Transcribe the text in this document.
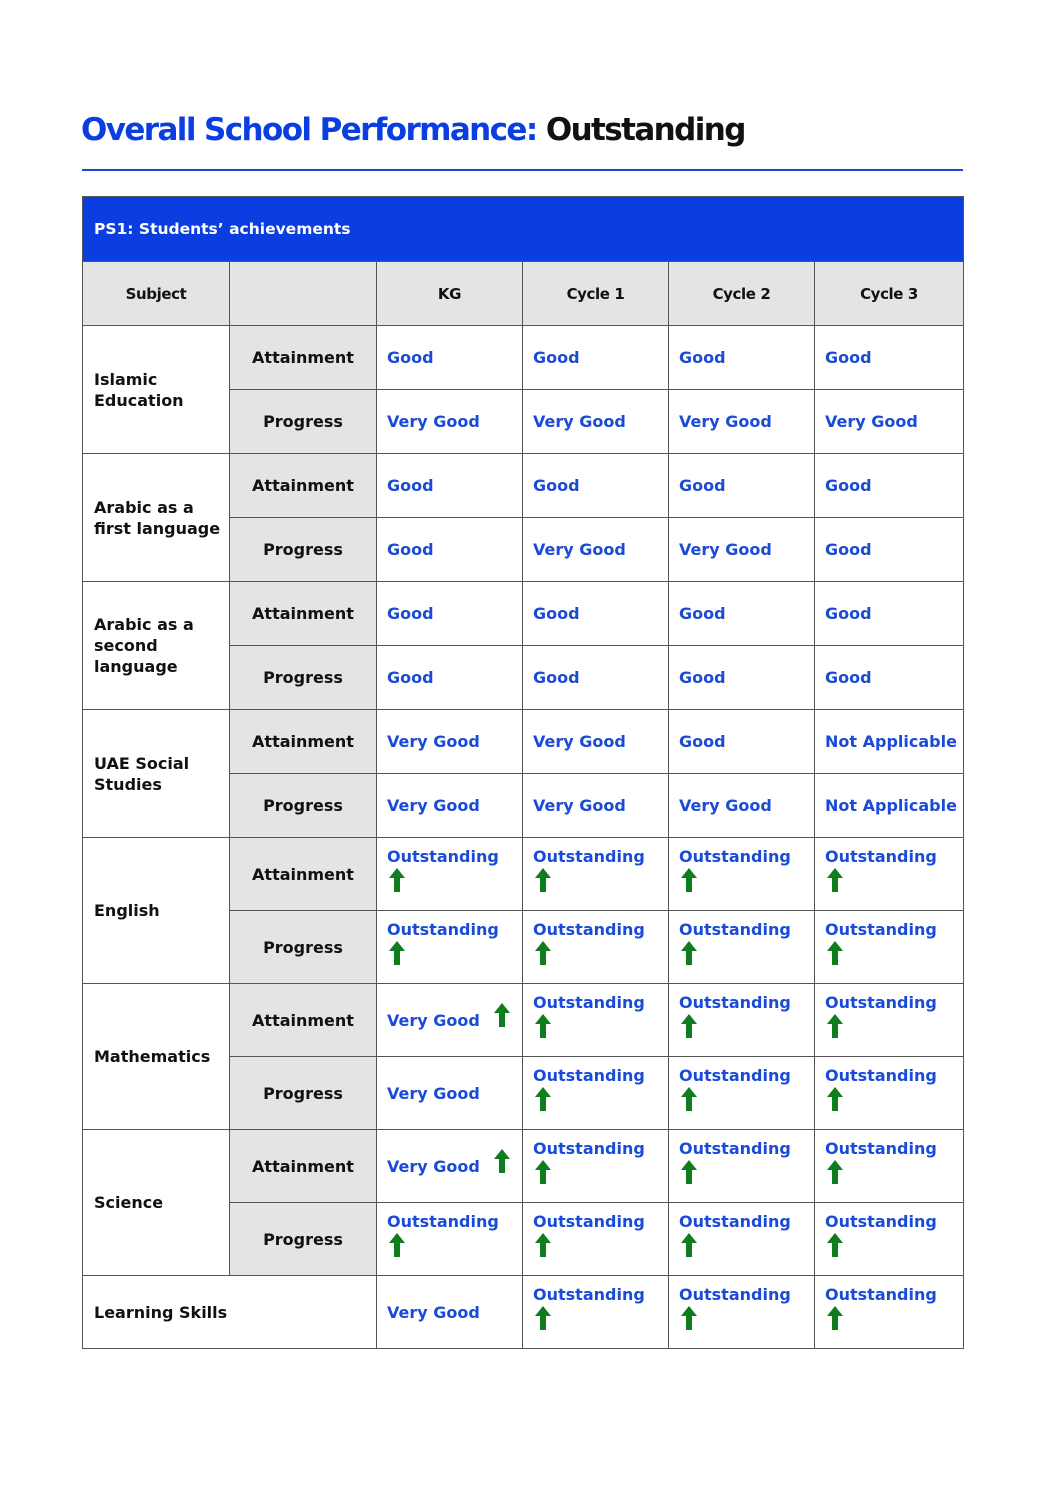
Overall School Performance: Outstanding
PS1: Students’ achievements					
Subject		KG	Cycle 1	Cycle 2	Cycle 3
Islamic Education	Attainment	Good	Good	Good	Good
	Progress	Very Good	Very Good	Very Good	Very Good
Arabic as a first language	Attainment	Good	Good	Good	Good
	Progress	Good	Very Good	Very Good	Good
Arabic as a second language	Attainment	Good	Good	Good	Good
	Progress	Good	Good	Good	Good
UAE Social Studies	Attainment	Very Good	Very Good	Good	Not Applicable
	Progress	Very Good	Very Good	Very Good	Not Applicable
English	Attainment	Outstanding	Outstanding	Outstanding	Outstanding

	Progress	Outstanding	Outstanding	Outstanding	Outstanding

Mathematics	Attainment	Very Good	Outstanding	Outstanding	Outstanding

	Progress	Very Good	Outstanding	Outstanding	Outstanding

Science	Attainment	Very Good	Outstanding	Outstanding	Outstanding

	Progress	Outstanding	Outstanding	Outstanding	Outstanding

Learning Skills		Very Good	Outstanding	Outstanding	Outstanding
